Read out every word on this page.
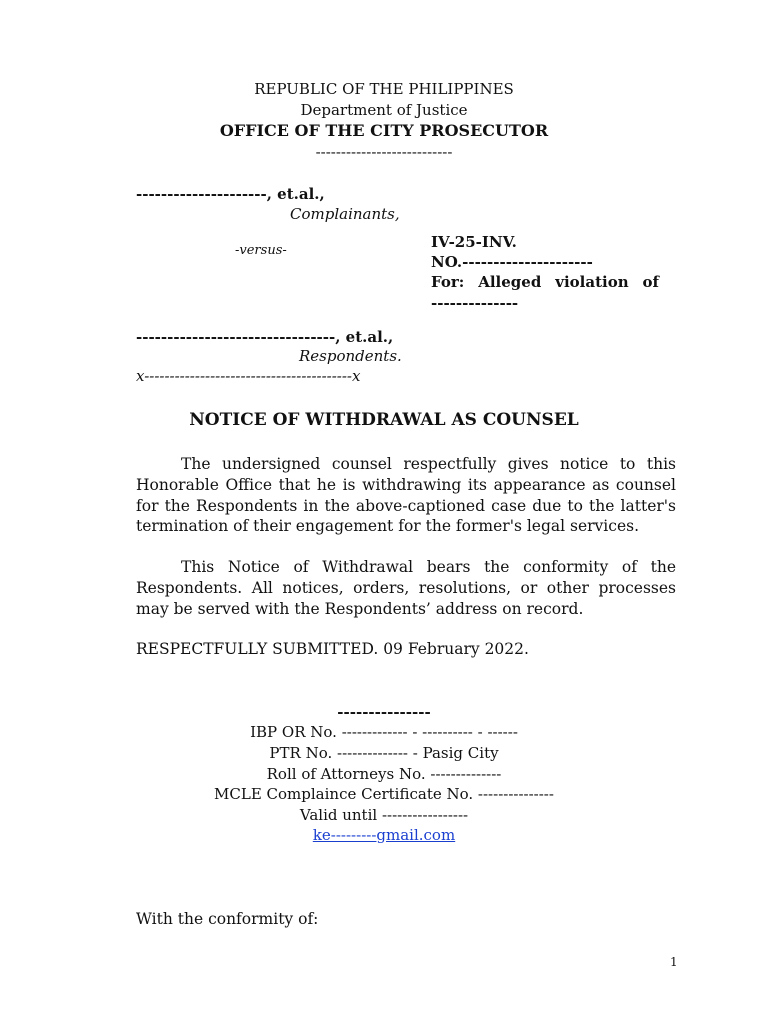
REPUBLIC OF THE PHILIPPINES
Department of Justice
OFFICE OF THE CITY PROSECUTOR
---------------------------
---------------------, et.al.,
Complainants,
-versus-	IV-25-INV.
NO.---------------------
For: Alleged violation of
--------------
--------------------------------, et.al.,
Respondents.
x-----------------------------------------x
NOTICE OF WITHDRAWAL AS COUNSEL
The undersigned counsel respectfully gives notice to this Honorable Office that he is withdrawing its appearance as counsel for the Respondents in the above-captioned case due to the latter's termination of their engagement for the former's legal services.
This Notice of Withdrawal bears the conformity of the Respondents. All notices, orders, resolutions, or other processes may be served with the Respondents’ address on record.
RESPECTFULLY SUBMITTED. 09 February 2022.
---------------
IBP OR No. ------------- - ---------- - ------
PTR No. -------------- - Pasig City
Roll of Attorneys No. --------------
MCLE Complaince Certificate No. ---------------
Valid until -----------------
ke---------gmail.com
With the conformity of:
1
